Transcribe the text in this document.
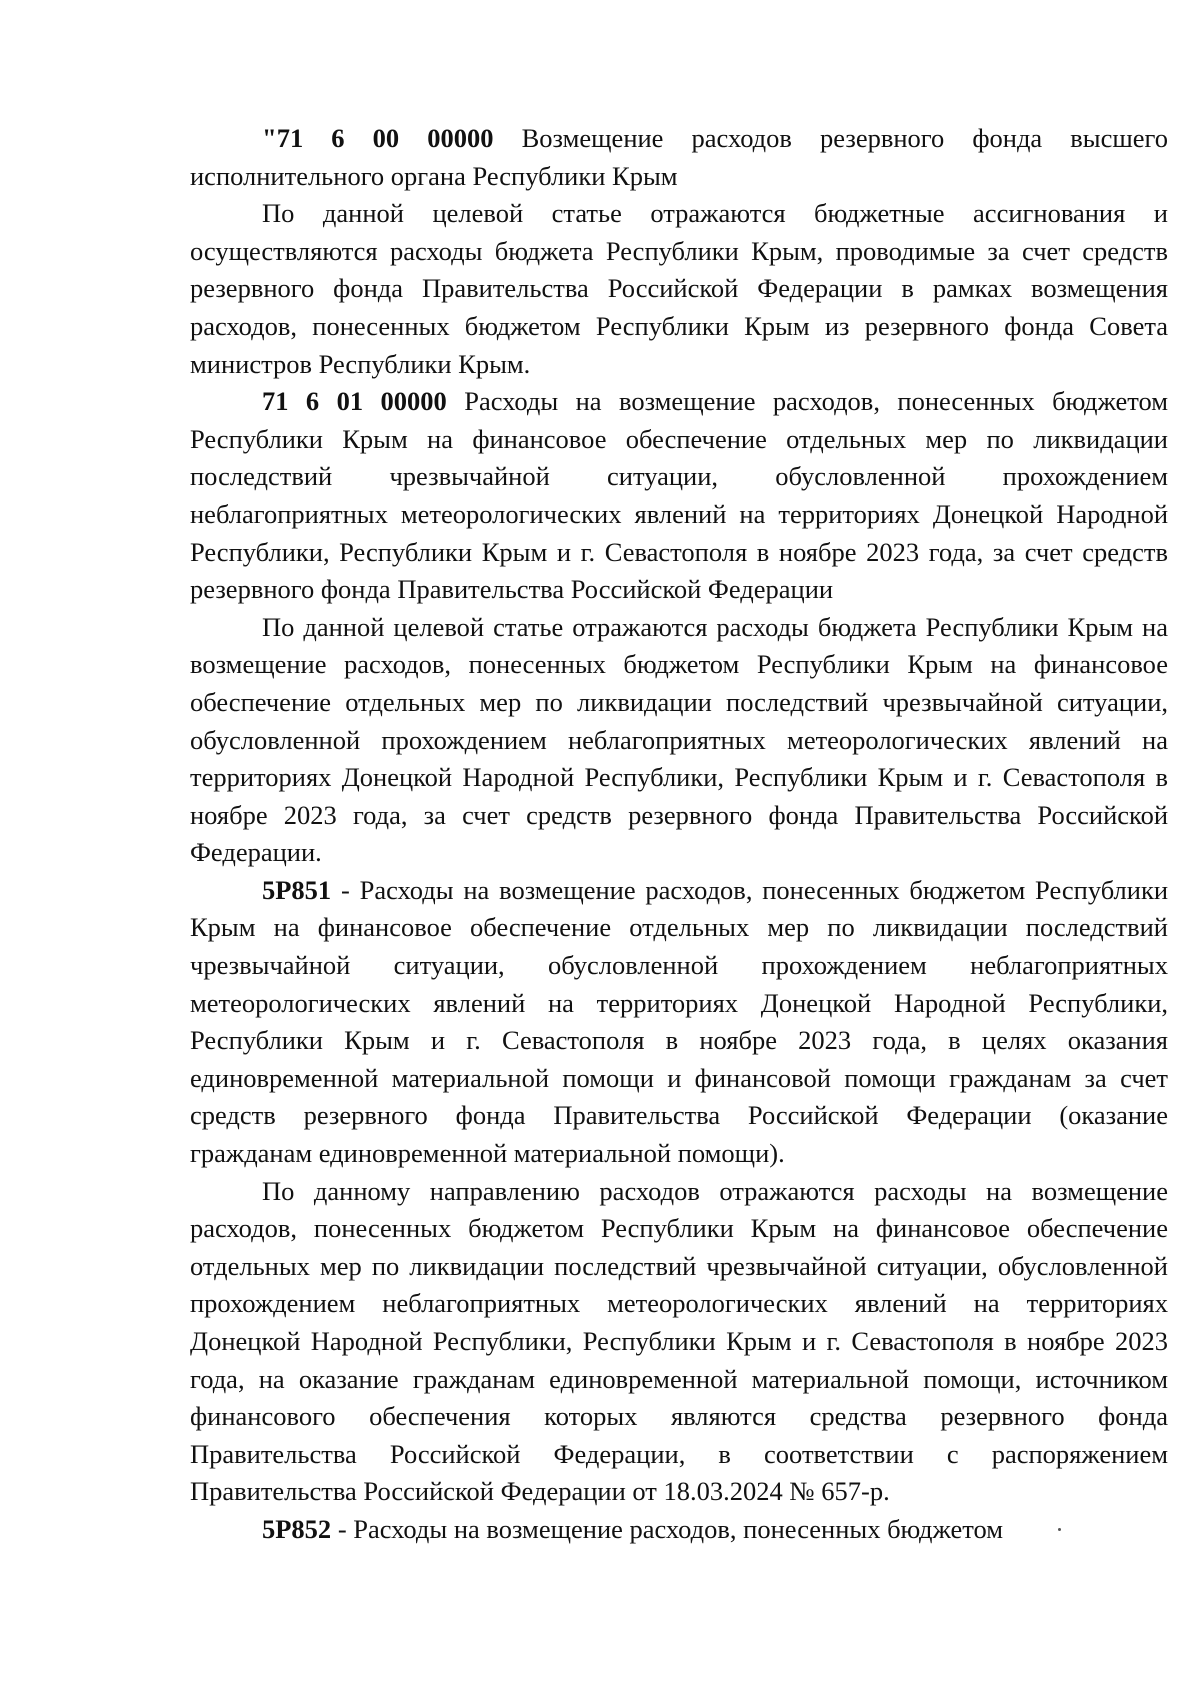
"71 6 00 00000 Возмещение расходов резервного фонда высшего исполнительного органа Республики Крым

По данной целевой статье отражаются бюджетные ассигнования и осуществляются расходы бюджета Республики Крым, проводимые за счет средств резервного фонда Правительства Российской Федерации в рамках возмещения расходов, понесенных бюджетом Республики Крым из резервного фонда Совета министров Республики Крым.

71 6 01 00000 Расходы на возмещение расходов, понесенных бюджетом Республики Крым на финансовое обеспечение отдельных мер по ликвидации последствий чрезвычайной ситуации, обусловленной прохождением неблагоприятных метеорологических явлений на территориях Донецкой Народной Республики, Республики Крым и г. Севастополя в ноябре 2023 года, за счет средств резервного фонда Правительства Российской Федерации

По данной целевой статье отражаются расходы бюджета Республики Крым на возмещение расходов, понесенных бюджетом Республики Крым на финансовое обеспечение отдельных мер по ликвидации последствий чрезвычайной ситуации, обусловленной прохождением неблагоприятных метеорологических явлений на территориях Донецкой Народной Республики, Республики Крым и г. Севастополя в ноябре 2023 года, за счет средств резервного фонда Правительства Российской Федерации.

5Р851 - Расходы на возмещение расходов, понесенных бюджетом Республики Крым на финансовое обеспечение отдельных мер по ликвидации последствий чрезвычайной ситуации, обусловленной прохождением неблагоприятных метеорологических явлений на территориях Донецкой Народной Республики, Республики Крым и г. Севастополя в ноябре 2023 года, в целях оказания единовременной материальной помощи и финансовой помощи гражданам за счет средств резервного фонда Правительства Российской Федерации (оказание гражданам единовременной материальной помощи).

По данному направлению расходов отражаются расходы на возмещение расходов, понесенных бюджетом Республики Крым на финансовое обеспечение отдельных мер по ликвидации последствий чрезвычайной ситуации, обусловленной прохождением неблагоприятных метеорологических явлений на территориях Донецкой Народной Республики, Республики Крым и г. Севастополя в ноябре 2023 года, на оказание гражданам единовременной материальной помощи, источником финансового обеспечения которых являются средства резервного фонда Правительства Российской Федерации, в соответствии с распоряжением Правительства Российской Федерации от 18.03.2024 № 657-р.

5Р852 - Расходы на возмещение расходов, понесенных бюджетом
